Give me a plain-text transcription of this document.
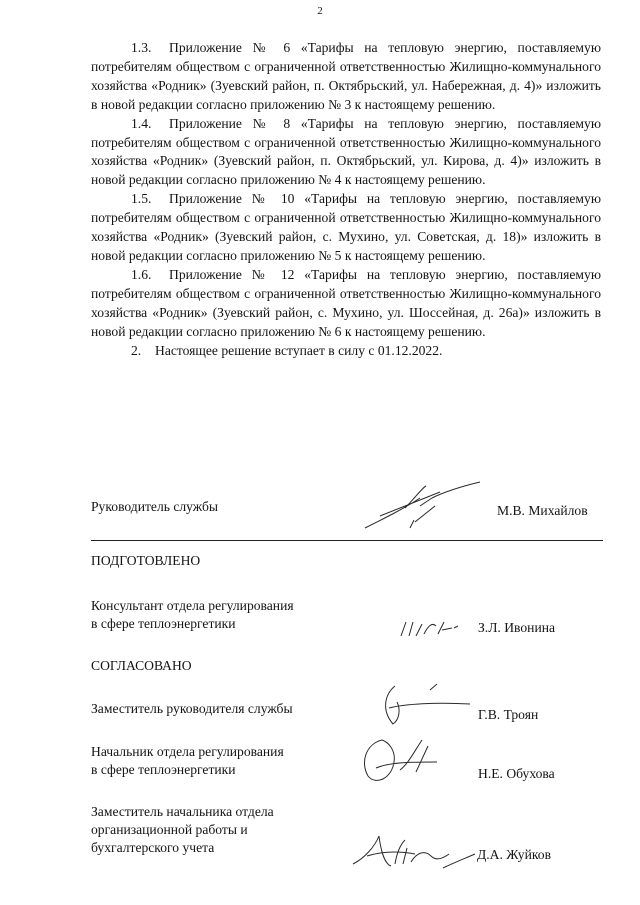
2

1.3. Приложение № 6 «Тарифы на тепловую энергию, поставляемую потребителям обществом с ограниченной ответственностью Жилищно-коммунального хозяйства «Родник» (Зуевский район, п. Октябрьский, ул. Набережная, д. 4)» изложить в новой редакции согласно приложению № 3 к настоящему решению.

1.4. Приложение № 8 «Тарифы на тепловую энергию, поставляемую потребителям обществом с ограниченной ответственностью Жилищно-коммунального хозяйства «Родник» (Зуевский район, п. Октябрьский, ул. Кирова, д. 4)» изложить в новой редакции согласно приложению № 4 к настоящему решению.

1.5. Приложение № 10 «Тарифы на тепловую энергию, поставляемую потребителям обществом с ограниченной ответственностью Жилищно-коммунального хозяйства «Родник» (Зуевский район, с. Мухино, ул. Советская, д. 18)» изложить в новой редакции согласно приложению № 5 к настоящему решению.

1.6. Приложение № 12 «Тарифы на тепловую энергию, поставляемую потребителям обществом с ограниченной ответственностью Жилищно-коммунального хозяйства «Родник» (Зуевский район, с. Мухино, ул. Шоссейная, д. 26а)» изложить в новой редакции согласно приложению № 6 к настоящему решению.

2. Настоящее решение вступает в силу с 01.12.2022.

Руководитель службы	М.В. Михайлов
ПОДГОТОВЛЕНО
Консультант отдела регулирования
в сфере теплоэнергетики	З.Л. Ивонина
СОГЛАСОВАНО
Заместитель руководителя службы	Г.В. Троян
Начальник отдела регулирования
в сфере теплоэнергетики	Н.Е. Обухова
Заместитель начальника отдела
организационной работы и
бухгалтерского учета	Д.А. Жуйков
